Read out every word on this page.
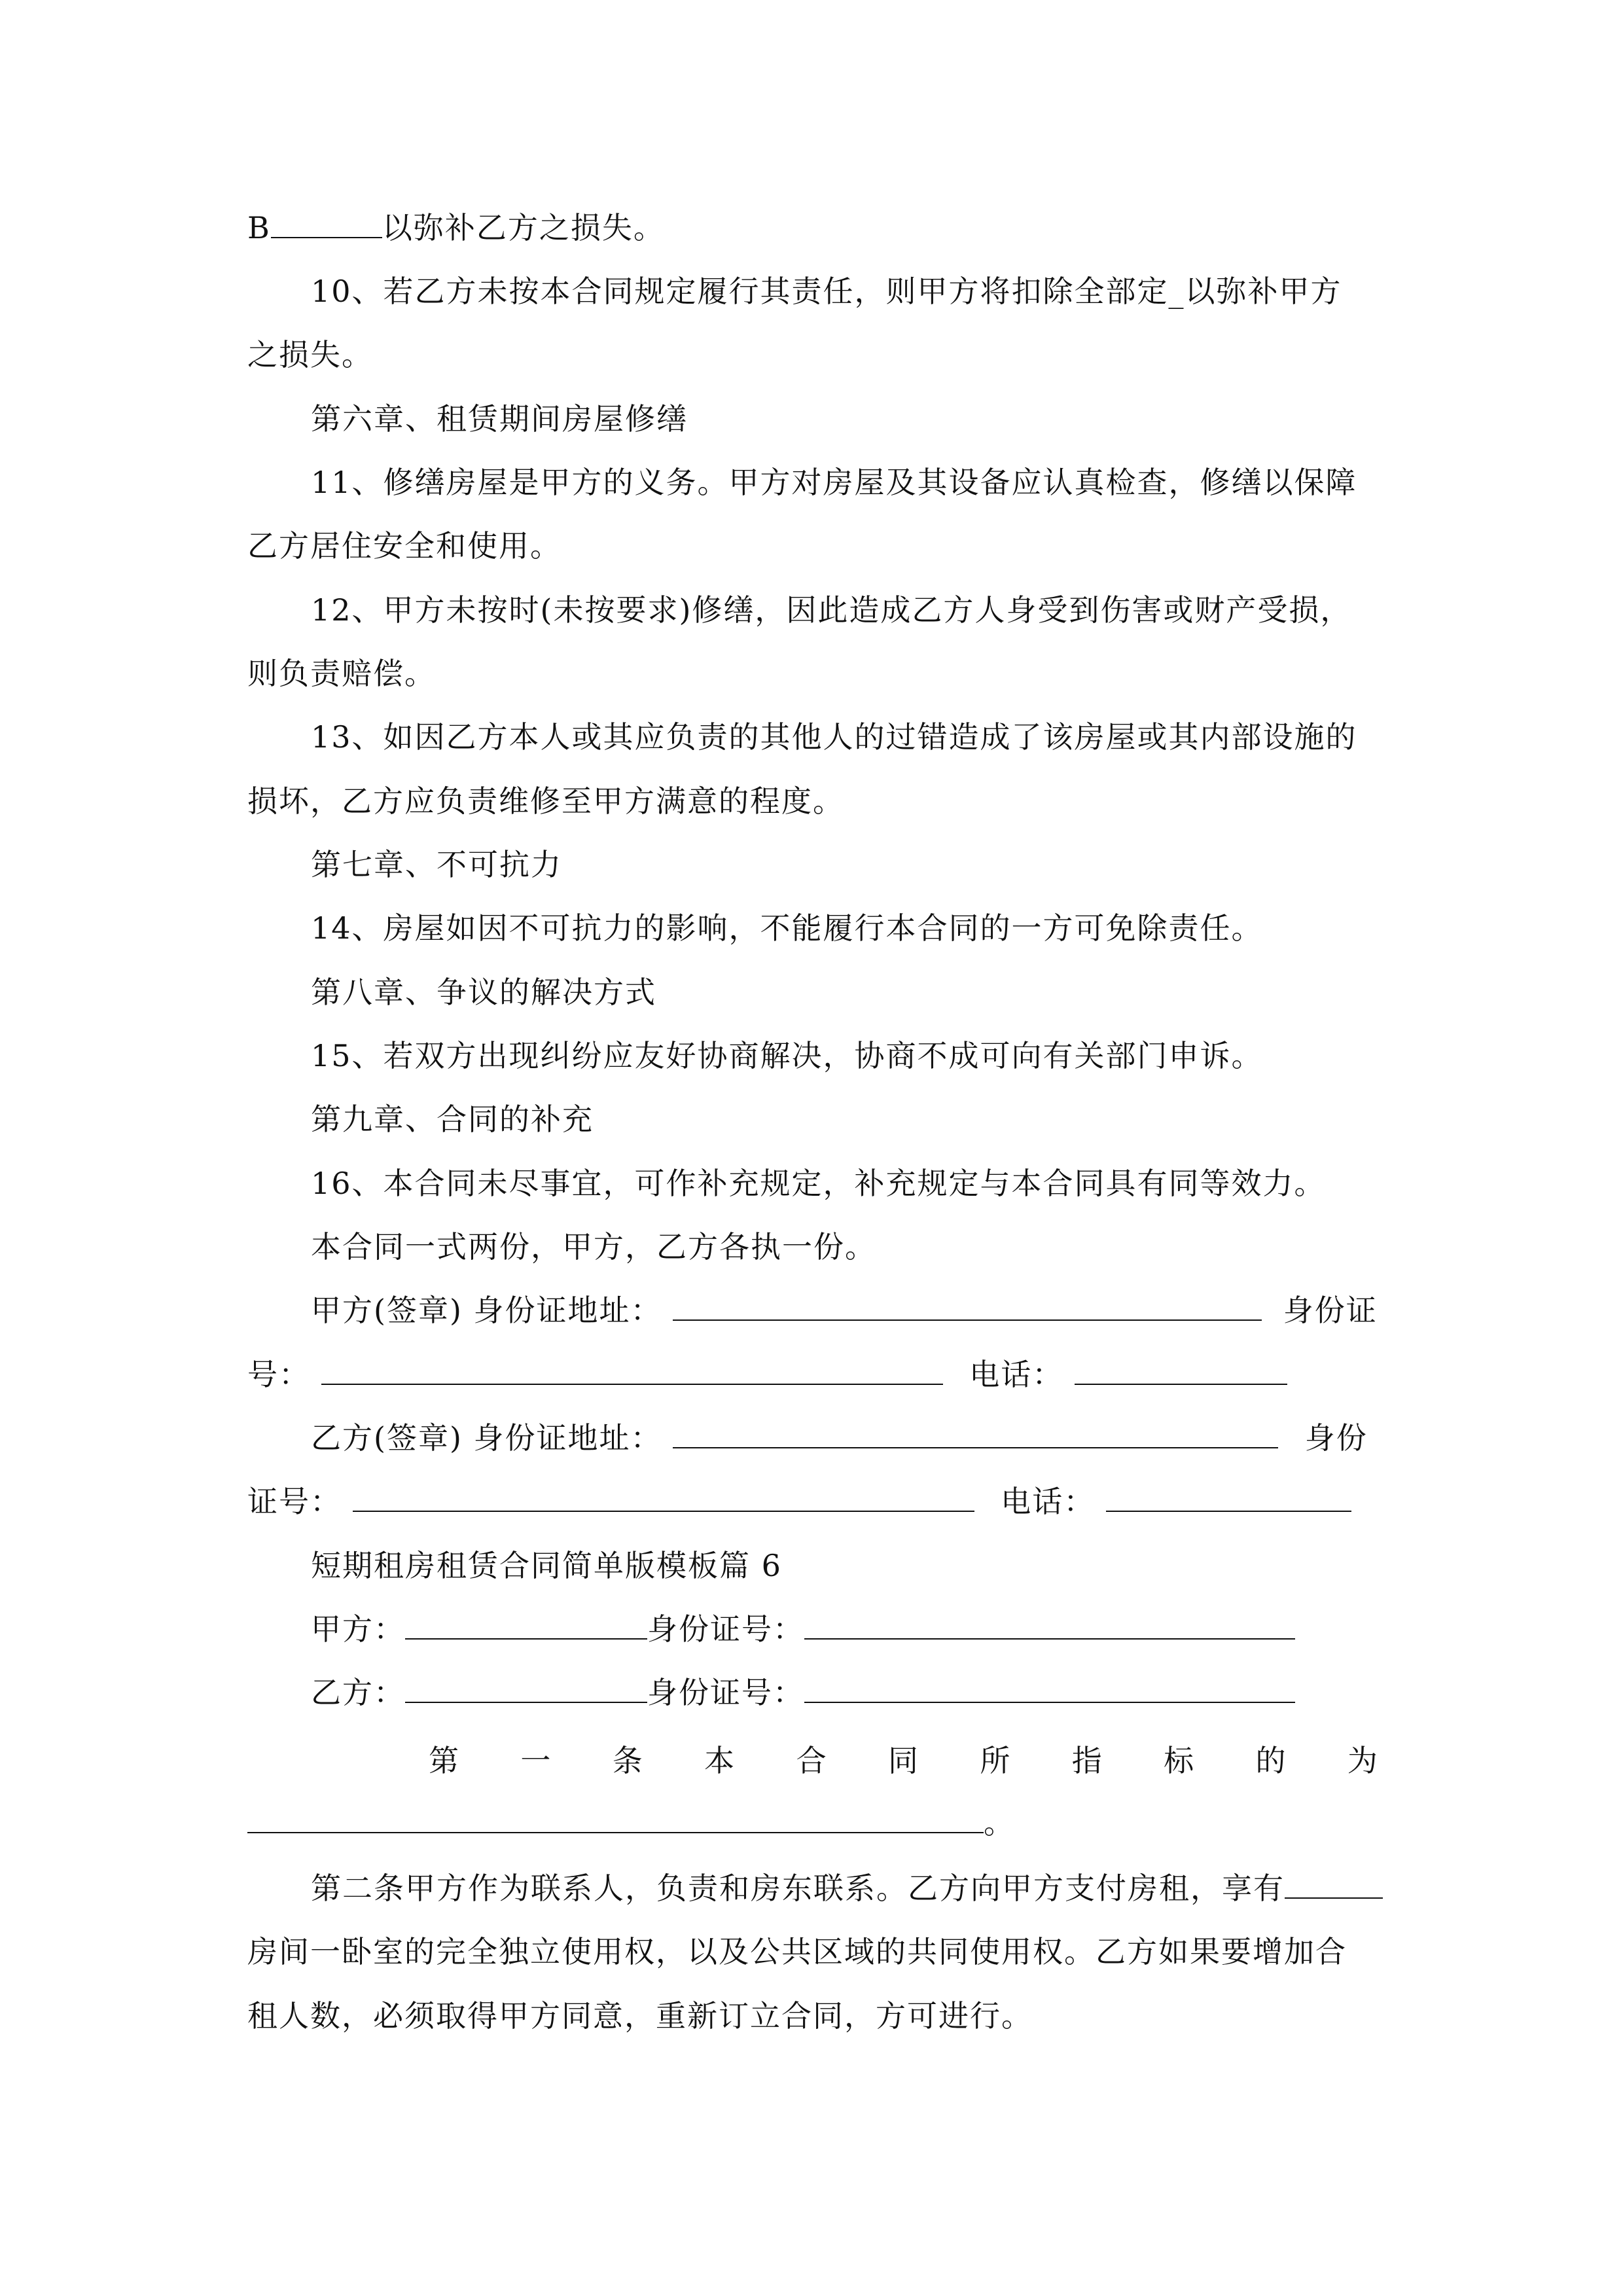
B	以弥补乙方之损失。
10、若乙方未按本合同规定履行其责任，则甲方将扣除全部定_以弥补甲方
之损失。
第六章、租赁期间房屋修缮
11、修缮房屋是甲方的义务。甲方对房屋及其设备应认真检查，修缮以保障
乙方居住安全和使用。
12、甲方未按时(未按要求)修缮，因此造成乙方人身受到伤害或财产受损，
则负责赔偿。
13、如因乙方本人或其应负责的其他人的过错造成了该房屋或其内部设施的
损坏，乙方应负责维修至甲方满意的程度。
第七章、不可抗力
14、房屋如因不可抗力的影响，不能履行本合同的一方可免除责任。
第八章、争议的解决方式
15、若双方出现纠纷应友好协商解决，协商不成可向有关部门申诉。
第九章、合同的补充
16、本合同未尽事宜，可作补充规定，补充规定与本合同具有同等效力。
本合同一式两份，甲方，乙方各执一份。
甲方(签章) 身份证地址：	身份证
号：	电话：
乙方(签章) 身份证地址：	身份
证号：	电话：
短期租房租赁合同简单版模板篇 6
甲方：	身份证号：
乙方：	身份证号：
第 一 条 本 合 同 所 指 标 的 为
。
第二条甲方作为联系人，负责和房东联系。乙方向甲方支付房租，享有
房间一卧室的完全独立使用权，以及公共区域的共同使用权。乙方如果要增加合
租人数，必须取得甲方同意，重新订立合同，方可进行。
